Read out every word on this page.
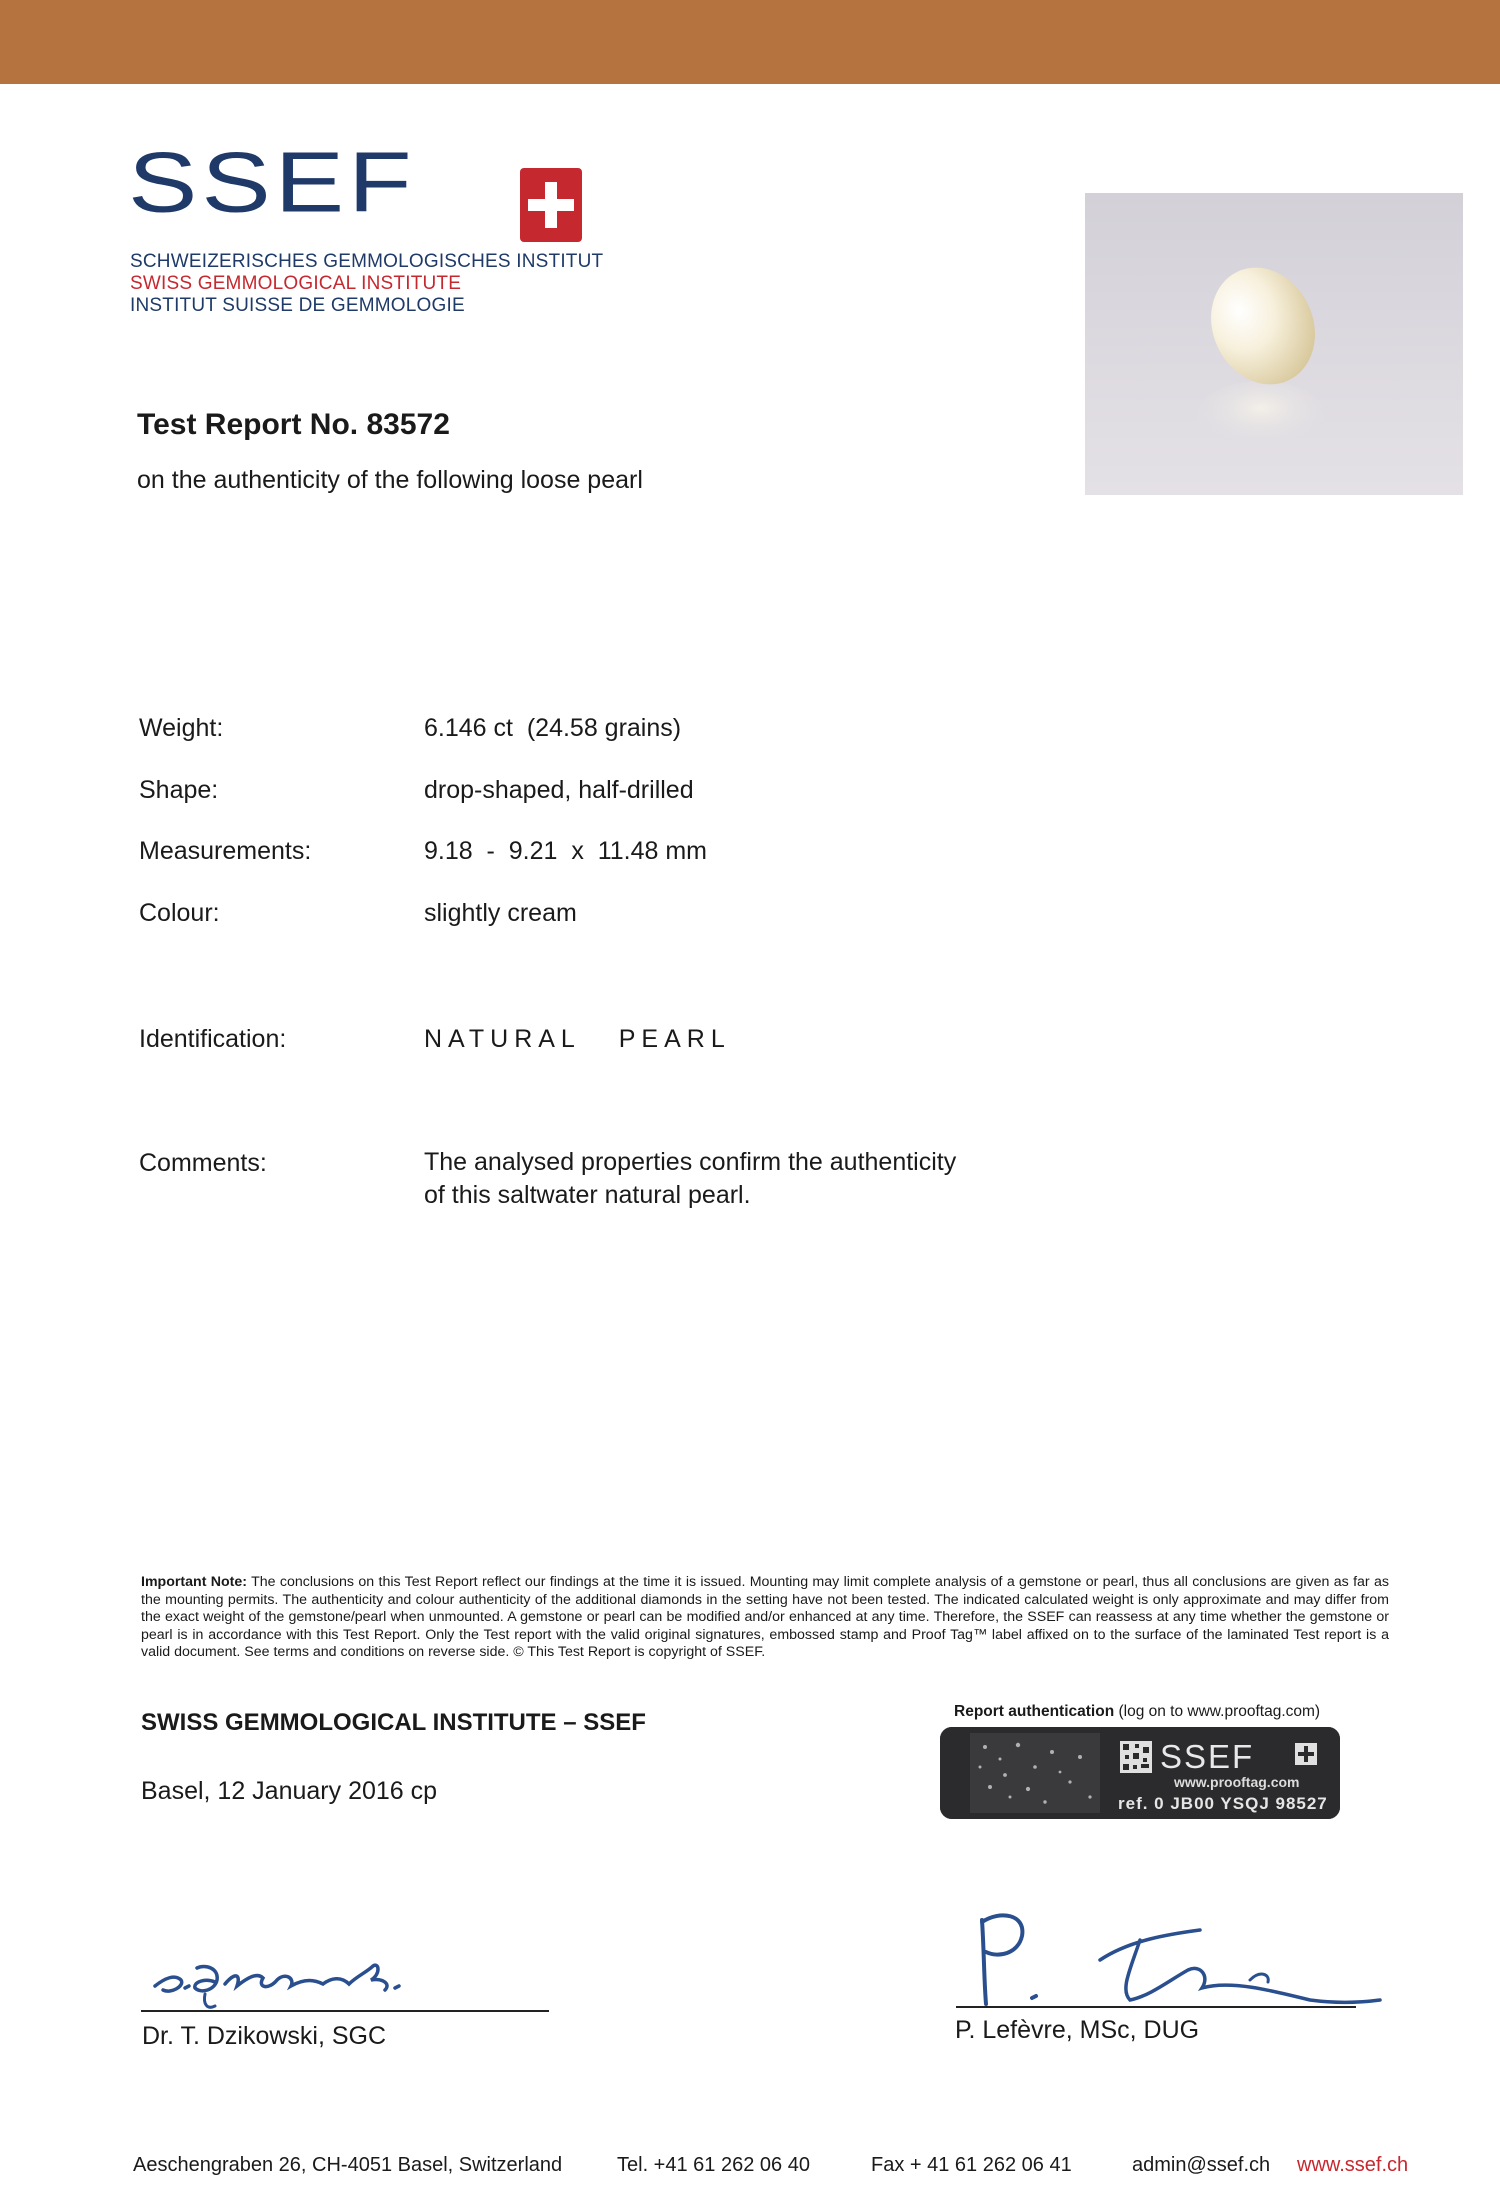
SSEF
SCHWEIZERISCHES GEMMOLOGISCHES INSTITUT
SWISS GEMMOLOGICAL INSTITUTE
INSTITUT SUISSE DE GEMMOLOGIE
Test Report No. 83572
on the authenticity of the following loose pearl
Weight:	6.146 ct  (24.58 grains)
Shape:	drop-shaped, half-drilled
Measurements:	9.18  -  9.21  x  11.48 mm
Colour:	slightly cream
Identification:	NATURAL   PEARL
Comments:	The analysed properties confirm the authenticity
of this saltwater natural pearl.
Important Note: The conclusions on this Test Report reflect our findings at the time it is issued. Mounting may limit complete analysis of a gemstone or pearl, thus all conclusions are given as far as the mounting permits. The authenticity and colour authenticity of the additional diamonds in the setting have not been tested. The indicated calculated weight is only approximate and may differ from the exact weight of the gemstone/pearl when unmounted. A gemstone or pearl can be modified and/or enhanced at any time. Therefore, the SSEF can reassess at any time whether the gemstone or pearl is in accordance with this Test Report. Only the Test report with the valid original signatures, embossed stamp and Proof Tag™ label affixed on to the surface of the laminated Test report is a valid document. See terms and conditions on reverse side. © This Test Report is copyright of SSEF.
SWISS GEMMOLOGICAL INSTITUTE – SSEF
Basel, 12 January 2016 cp
Report authentication (log on to www.prooftag.com)
SSEF
www.prooftag.com
ref. 0 JB00 YSQJ 98527
Dr. T. Dzikowski, SGC	P. Lefèvre, MSc, DUG
Aeschengraben 26, CH-4051 Basel, Switzerland	Tel. +41 61 262 06 40	Fax + 41 61 262 06 41	admin@ssef.ch www.ssef.ch
